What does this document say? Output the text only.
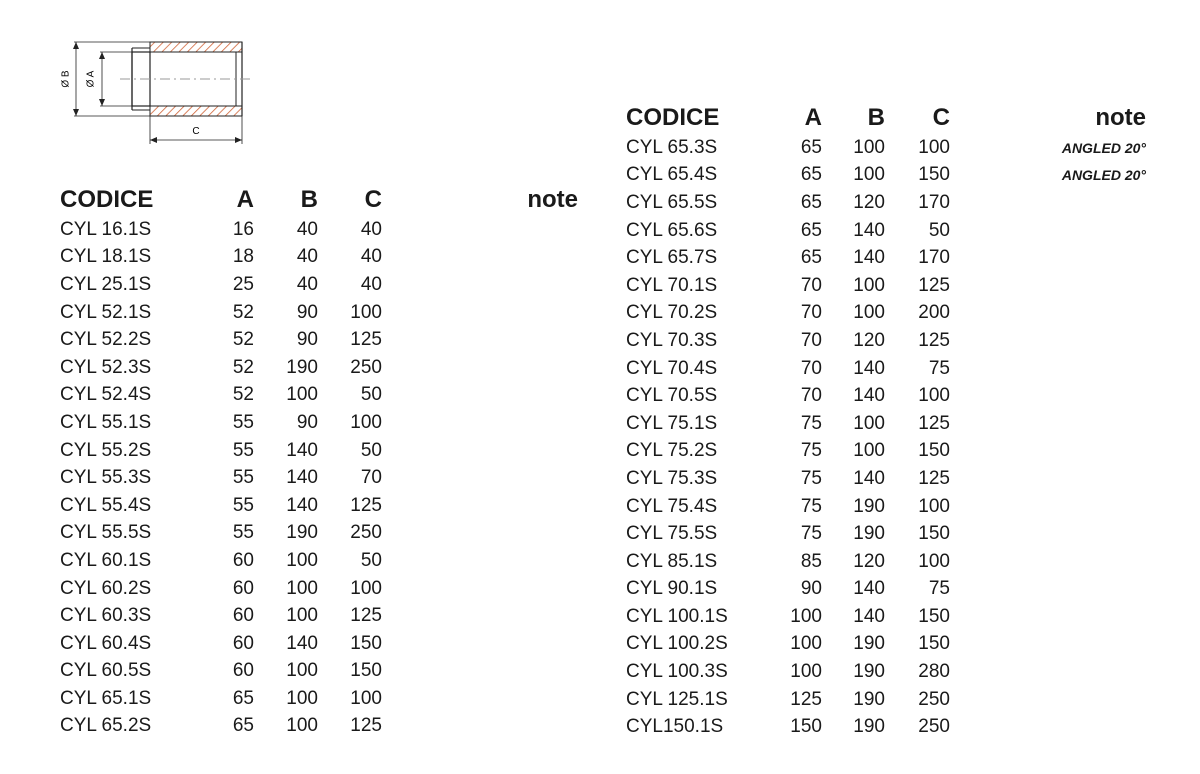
Ø B Ø A
C
CODICE	A	B	C	note
CYL 16.1S	16	40	40	
CYL 18.1S	18	40	40	
CYL 25.1S	25	40	40	
CYL 52.1S	52	90	100	
CYL 52.2S	52	90	125	
CYL 52.3S	52	190	250	
CYL 52.4S	52	100	50	
CYL 55.1S	55	90	100	
CYL 55.2S	55	140	50	
CYL 55.3S	55	140	70	
CYL 55.4S	55	140	125	
CYL 55.5S	55	190	250	
CYL 60.1S	60	100	50	
CYL 60.2S	60	100	100	
CYL 60.3S	60	100	125	
CYL 60.4S	60	140	150	
CYL 60.5S	60	100	150	
CYL 65.1S	65	100	100	
CYL 65.2S	65	100	125	
CODICE	A	B	C	note
CYL 65.3S	65	100	100	ANGLED 20°
CYL 65.4S	65	100	150	ANGLED 20°
CYL 65.5S	65	120	170	
CYL 65.6S	65	140	50	
CYL 65.7S	65	140	170	
CYL 70.1S	70	100	125	
CYL 70.2S	70	100	200	
CYL 70.3S	70	120	125	
CYL 70.4S	70	140	75	
CYL 70.5S	70	140	100	
CYL 75.1S	75	100	125	
CYL 75.2S	75	100	150	
CYL 75.3S	75	140	125	
CYL 75.4S	75	190	100	
CYL 75.5S	75	190	150	
CYL 85.1S	85	120	100	
CYL 90.1S	90	140	75	
CYL 100.1S	100	140	150	
CYL 100.2S	100	190	150	
CYL 100.3S	100	190	280	
CYL 125.1S	125	190	250	
CYL150.1S	150	190	250	
